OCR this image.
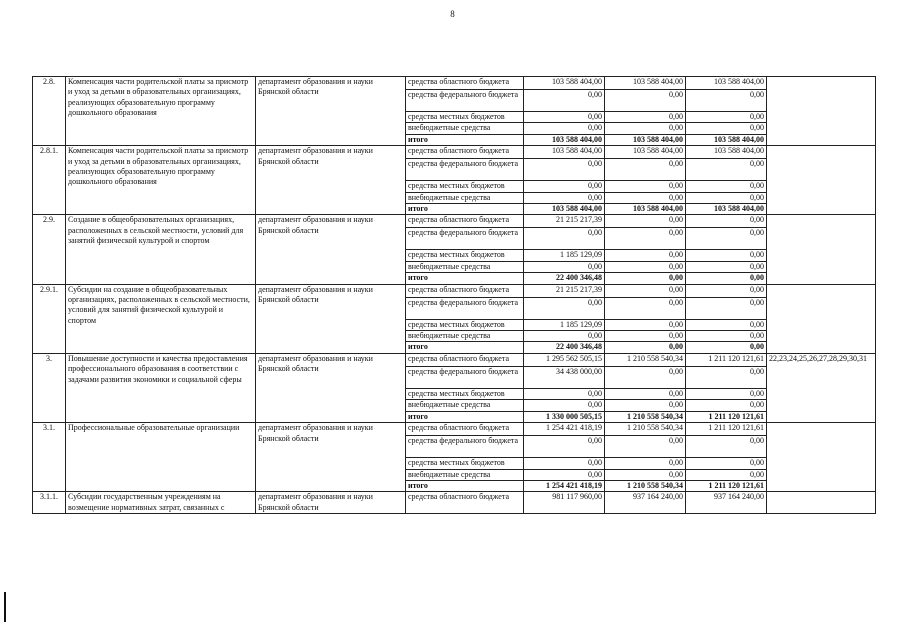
8
2.8.	Компенсация части родительской платы за присмотр и уход за детьми в образовательных организациях, реализующих образовательную программу дошкольного образования	департамент образования и науки Брянской области	средства областного бюджета	103 588 404,00	103 588 404,00	103 588 404,00	
			средства федерального бюджета	0,00	0,00	0,00	
			средства местных бюджетов	0,00	0,00	0,00	
			внебюджетные средства	0,00	0,00	0,00	
			итого	103 588 404,00	103 588 404,00	103 588 404,00	
2.8.1.	Компенсация части родительской платы за присмотр и уход за детьми в образовательных организациях, реализующих образовательную программу дошкольного образования	департамент образования и науки Брянской области	средства областного бюджета	103 588 404,00	103 588 404,00	103 588 404,00	
			средства федерального бюджета	0,00	0,00	0,00	
			средства местных бюджетов	0,00	0,00	0,00	
			внебюджетные средства	0,00	0,00	0,00	
			итого	103 588 404,00	103 588 404,00	103 588 404,00	
2.9.	Создание в общеобразовательных организациях, расположенных в сельской местности, условий для занятий физической культурой и спортом	департамент образования и науки Брянской области	средства областного бюджета	21 215 217,39	0,00	0,00	
			средства федерального бюджета	0,00	0,00	0,00	
			средства местных бюджетов	1 185 129,09	0,00	0,00	
			внебюджетные средства	0,00	0,00	0,00	
			итого	22 400 346,48	0,00	0,00	
2.9.1.	Субсидии на создание в общеобразовательных организациях, расположенных в сельской местности, условий для занятий физической культурой и спортом	департамент образования и науки Брянской области	средства областного бюджета	21 215 217,39	0,00	0,00	
			средства федерального бюджета	0,00	0,00	0,00	
			средства местных бюджетов	1 185 129,09	0,00	0,00	
			внебюджетные средства	0,00	0,00	0,00	
			итого	22 400 346,48	0,00	0,00	
3.	Повышение доступности и качества предоставления профессионального образования в соответствии с задачами развития экономики и социальной сферы	департамент образования и науки Брянской области	средства областного бюджета	1 295 562 505,15	1 210 558 540,34	1 211 120 121,61	22,23,24,25,26,27,28,29,30,31
			средства федерального бюджета	34 438 000,00	0,00	0,00	
			средства местных бюджетов	0,00	0,00	0,00	
			внебюджетные средства	0,00	0,00	0,00	
			итого	1 330 000 505,15	1 210 558 540,34	1 211 120 121,61	
3.1.	Профессиональные образовательные организации	департамент образования и науки Брянской области	средства областного бюджета	1 254 421 418,19	1 210 558 540,34	1 211 120 121,61	
			средства федерального бюджета	0,00	0,00	0,00	
			средства местных бюджетов	0,00	0,00	0,00	
			внебюджетные средства	0,00	0,00	0,00	
			итого	1 254 421 418,19	1 210 558 540,34	1 211 120 121,61	
3.1.1.	Субсидии государственным учреждениям на возмещение нормативных затрат, связанных с	департамент образования и науки Брянской области	средства областного бюджета	981 117 960,00	937 164 240,00	937 164 240,00	
